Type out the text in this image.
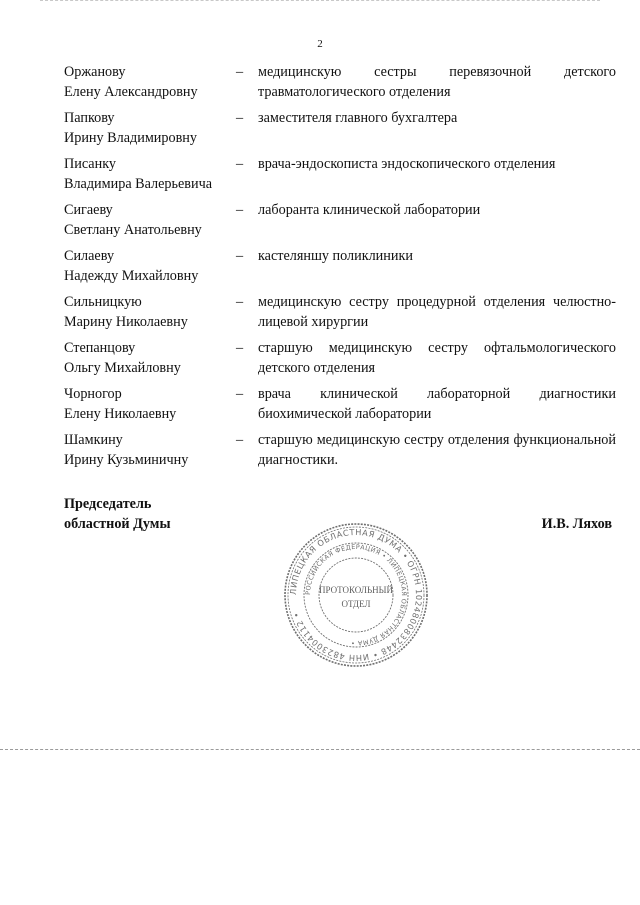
2
Оржанову
Елену Александровну
–	медицинскую сестры перевязочной детского травматологического отделения
Папкову
Ирину Владимировну
–	заместителя главного бухгалтера
Писанку
Владимира Валерьевича
–	врача-эндоскописта эндоскопического отделения
Сигаеву
Светлану Анатольевну
–	лаборанта клинической лаборатории
Силаеву
Надежду Михайловну
–	кастеляншу поликлиники
Сильницкую
Марину Николаевну
–	медицинскую сестру процедурной отделения челюстно-лицевой хирургии
Степанцову
Ольгу Михайловну
–	старшую медицинскую сестру офтальмологического детского отделения
Чорногор
Елену Николаевну
–	врача клинической лабораторной диагностики биохимической лаборатории
Шамкину
Ирину Кузьминичну
–	старшую медицинскую сестру отделения функциональной диагностики.
Председатель
областной Думы	И.В. Ляхов
ЛИПЕЦКАЯ ОБЛАСТНАЯ ДУМА • ОГРН 1024800832448 • ИНН 4823004112 •
РОССИЙСКАЯ ФЕДЕРАЦИЯ • ЛИПЕЦКАЯ ОБЛАСТНАЯ ДУМА •
ПРОТОКОЛЬНЫЙ
ОТДЕЛ
